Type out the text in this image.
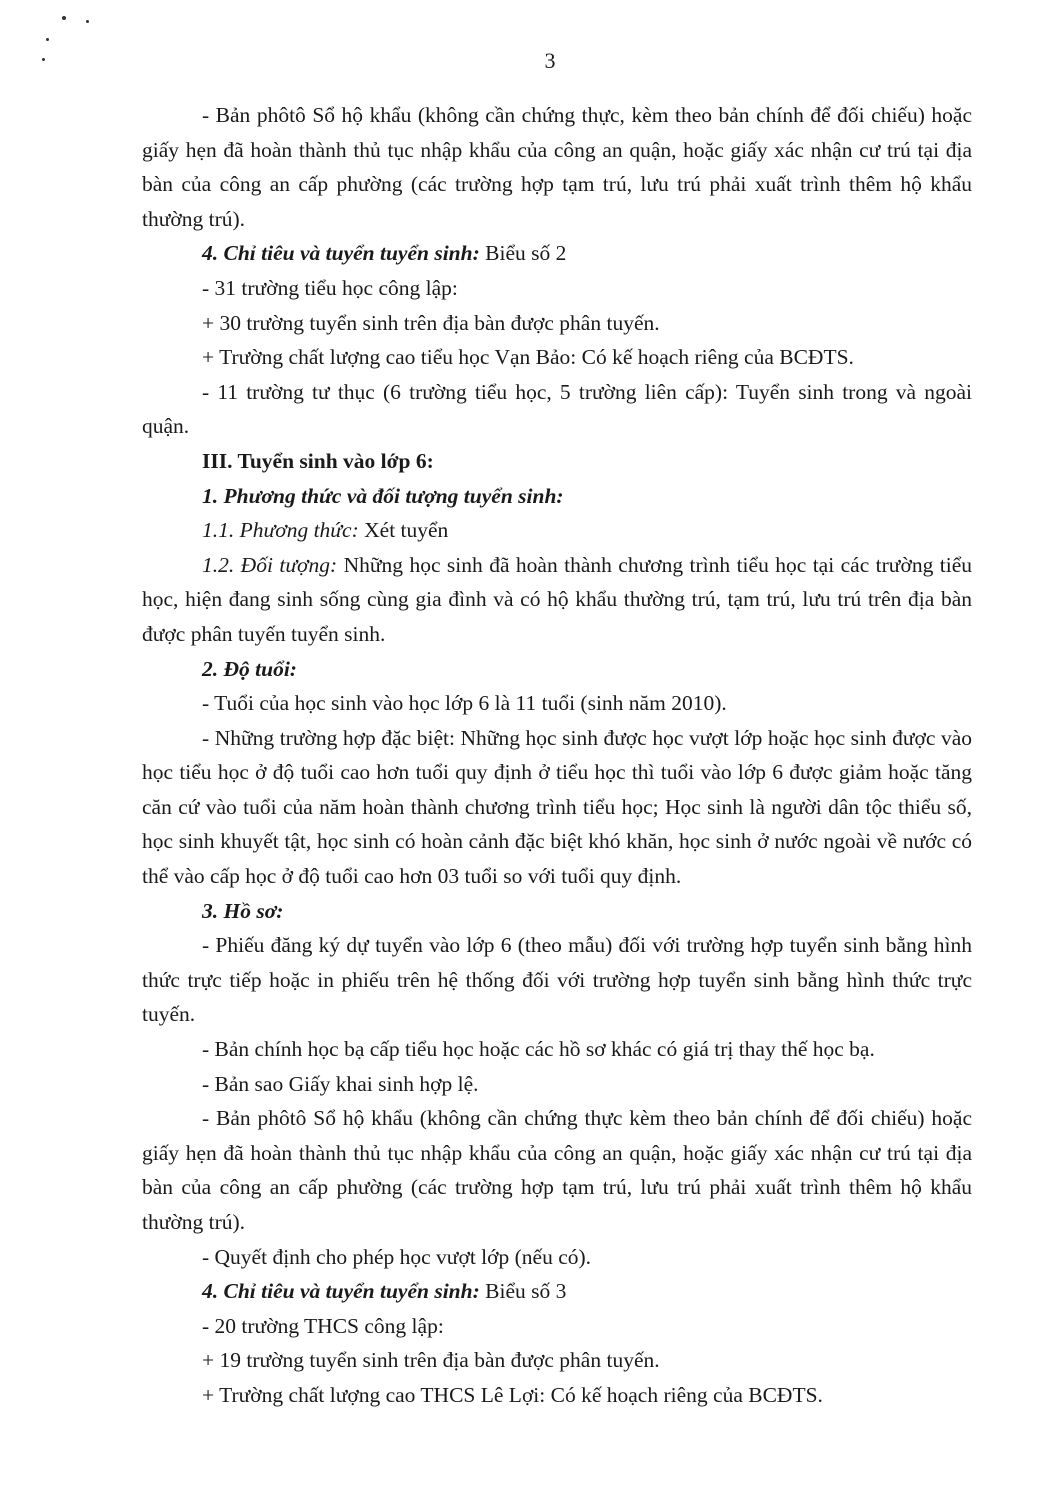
3

- Bản phôtô Sổ hộ khẩu (không cần chứng thực, kèm theo bản chính để đối chiếu) hoặc giấy hẹn đã hoàn thành thủ tục nhập khẩu của công an quận, hoặc giấy xác nhận cư trú tại địa bàn của công an cấp phường (các trường hợp tạm trú, lưu trú phải xuất trình thêm hộ khẩu thường trú).

4. Chỉ tiêu và tuyển tuyển sinh: Biểu số 2

- 31 trường tiểu học công lập:

+ 30 trường tuyển sinh trên địa bàn được phân tuyến.

+ Trường chất lượng cao tiểu học Vạn Bảo: Có kế hoạch riêng của BCĐTS.

- 11 trường tư thục (6 trường tiểu học, 5 trường liên cấp): Tuyển sinh trong và ngoài quận.

III. Tuyển sinh vào lớp 6:

1. Phương thức và đối tượng tuyển sinh:

1.1. Phương thức: Xét tuyển

1.2. Đối tượng: Những học sinh đã hoàn thành chương trình tiểu học tại các trường tiểu học, hiện đang sinh sống cùng gia đình và có hộ khẩu thường trú, tạm trú, lưu trú trên địa bàn được phân tuyến tuyển sinh.

2. Độ tuổi:

- Tuổi của học sinh vào học lớp 6 là 11 tuổi (sinh năm 2010).

- Những trường hợp đặc biệt: Những học sinh được học vượt lớp hoặc học sinh được vào học tiểu học ở độ tuổi cao hơn tuổi quy định ở tiểu học thì tuổi vào lớp 6 được giảm hoặc tăng căn cứ vào tuổi của năm hoàn thành chương trình tiểu học; Học sinh là người dân tộc thiểu số, học sinh khuyết tật, học sinh có hoàn cảnh đặc biệt khó khăn, học sinh ở nước ngoài về nước có thể vào cấp học ở độ tuổi cao hơn 03 tuổi so với tuổi quy định.

3. Hồ sơ:

- Phiếu đăng ký dự tuyển vào lớp 6 (theo mẫu) đối với trường hợp tuyển sinh bằng hình thức trực tiếp hoặc in phiếu trên hệ thống đối với trường hợp tuyển sinh bằng hình thức trực tuyến.

- Bản chính học bạ cấp tiểu học hoặc các hồ sơ khác có giá trị thay thế học bạ.

- Bản sao Giấy khai sinh hợp lệ.

- Bản phôtô Sổ hộ khẩu (không cần chứng thực kèm theo bản chính để đối chiếu) hoặc giấy hẹn đã hoàn thành thủ tục nhập khẩu của công an quận, hoặc giấy xác nhận cư trú tại địa bàn của công an cấp phường (các trường hợp tạm trú, lưu trú phải xuất trình thêm hộ khẩu thường trú).

- Quyết định cho phép học vượt lớp (nếu có).

4. Chỉ tiêu và tuyển tuyển sinh: Biểu số 3

- 20 trường THCS công lập:

+ 19 trường tuyển sinh trên địa bàn được phân tuyến.

+ Trường chất lượng cao THCS Lê Lợi: Có kế hoạch riêng của BCĐTS.
